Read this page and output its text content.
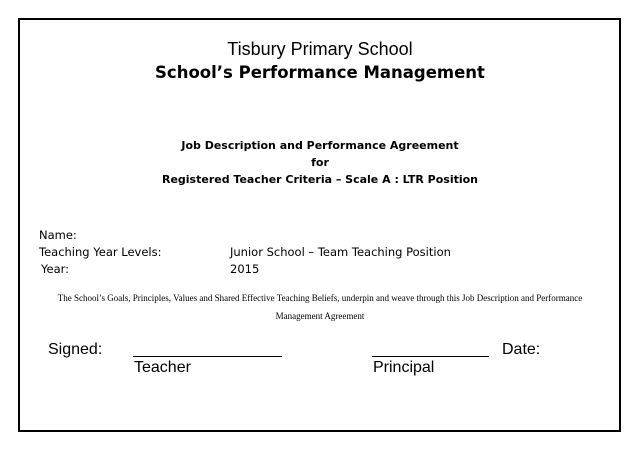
Tisbury Primary School
School’s Performance Management
Job Description and Performance Agreement
for
Registered Teacher Criteria – Scale A : LTR Position
Name:
Teaching Year Levels:	Junior School – Team Teaching Position
Year:	2015
The School’s Goals, Principles, Values and Shared Effective Teaching Beliefs, underpin and weave through this Job Description and Performance
Management Agreement
Signed:	Date:
Teacher	Principal
